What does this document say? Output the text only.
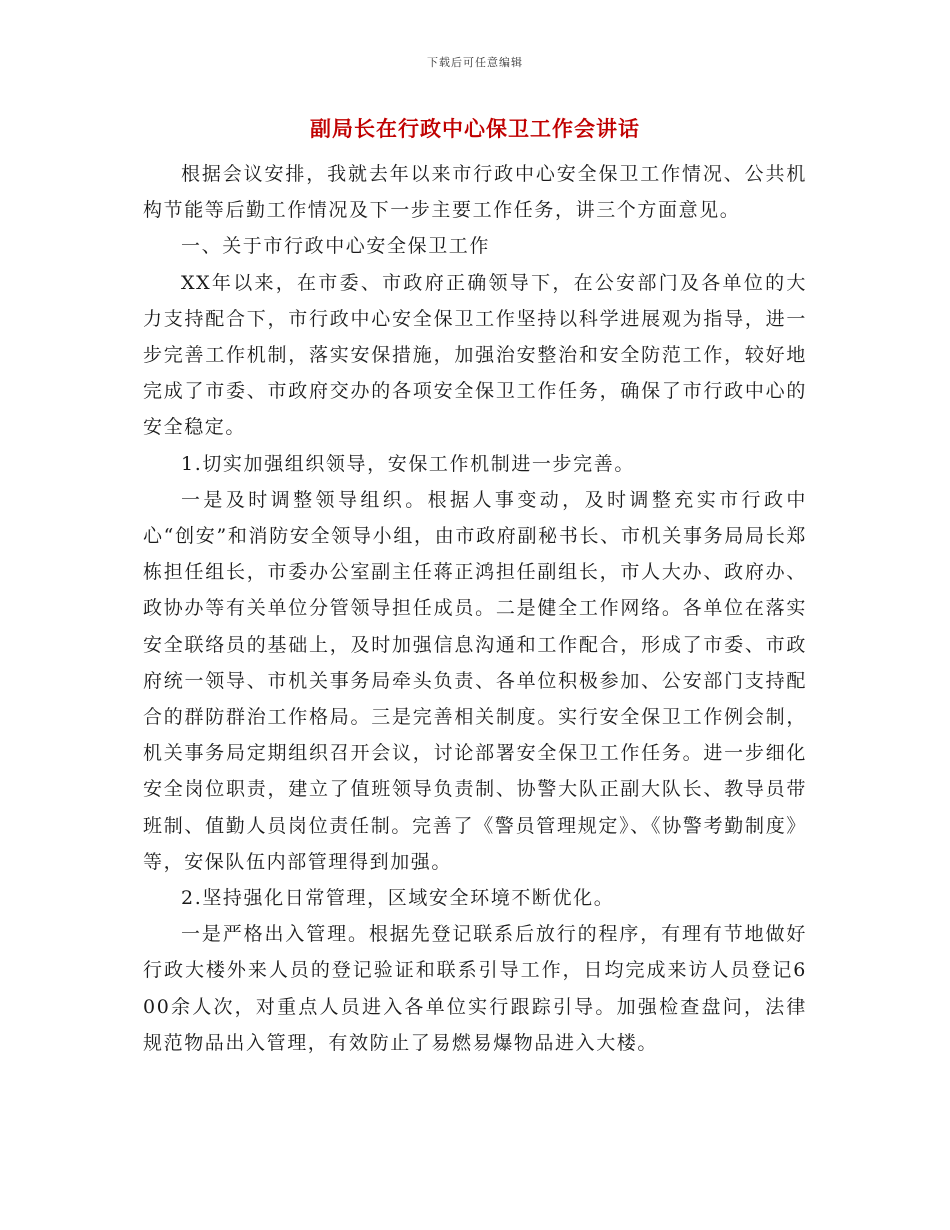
下载后可任意编辑
副局长在行政中心保卫工作会讲话

根据会议安排，我就去年以来市行政中心安全保卫工作情况、公共机构节能等后勤工作情况及下一步主要工作任务，讲三个方面意见。

一、关于市行政中心安全保卫工作

XX年以来，在市委、市政府正确领导下，在公安部门及各单位的大力支持配合下，市行政中心安全保卫工作坚持以科学进展观为指导，进一步完善工作机制，落实安保措施，加强治安整治和安全防范工作，较好地完成了市委、市政府交办的各项安全保卫工作任务，确保了市行政中心的安全稳定。

1.切实加强组织领导，安保工作机制进一步完善。

一是及时调整领导组织。根据人事变动，及时调整充实市行政中心“创安”和消防安全领导小组，由市政府副秘书长、市机关事务局局长郑栋担任组长，市委办公室副主任蒋正鸿担任副组长，市人大办、政府办、政协办等有关单位分管领导担任成员。二是健全工作网络。各单位在落实安全联络员的基础上，及时加强信息沟通和工作配合，形成了市委、市政府统一领导、市机关事务局牵头负责、各单位积极参加、公安部门支持配合的群防群治工作格局。三是完善相关制度。实行安全保卫工作例会制，机关事务局定期组织召开会议，讨论部署安全保卫工作任务。进一步细化安全岗位职责，建立了值班领导负责制、协警大队正副大队长、教导员带班制、值勤人员岗位责任制。完善了《警员管理规定》、《协警考勤制度》等，安保队伍内部管理得到加强。

2.坚持强化日常管理，区域安全环境不断优化。

一是严格出入管理。根据先登记联系后放行的程序，有理有节地做好行政大楼外来人员的登记验证和联系引导工作，日均完成来访人员登记600余人次，对重点人员进入各单位实行跟踪引导。加强检查盘问，法律规范物品出入管理，有效防止了易燃易爆物品进入大楼。
